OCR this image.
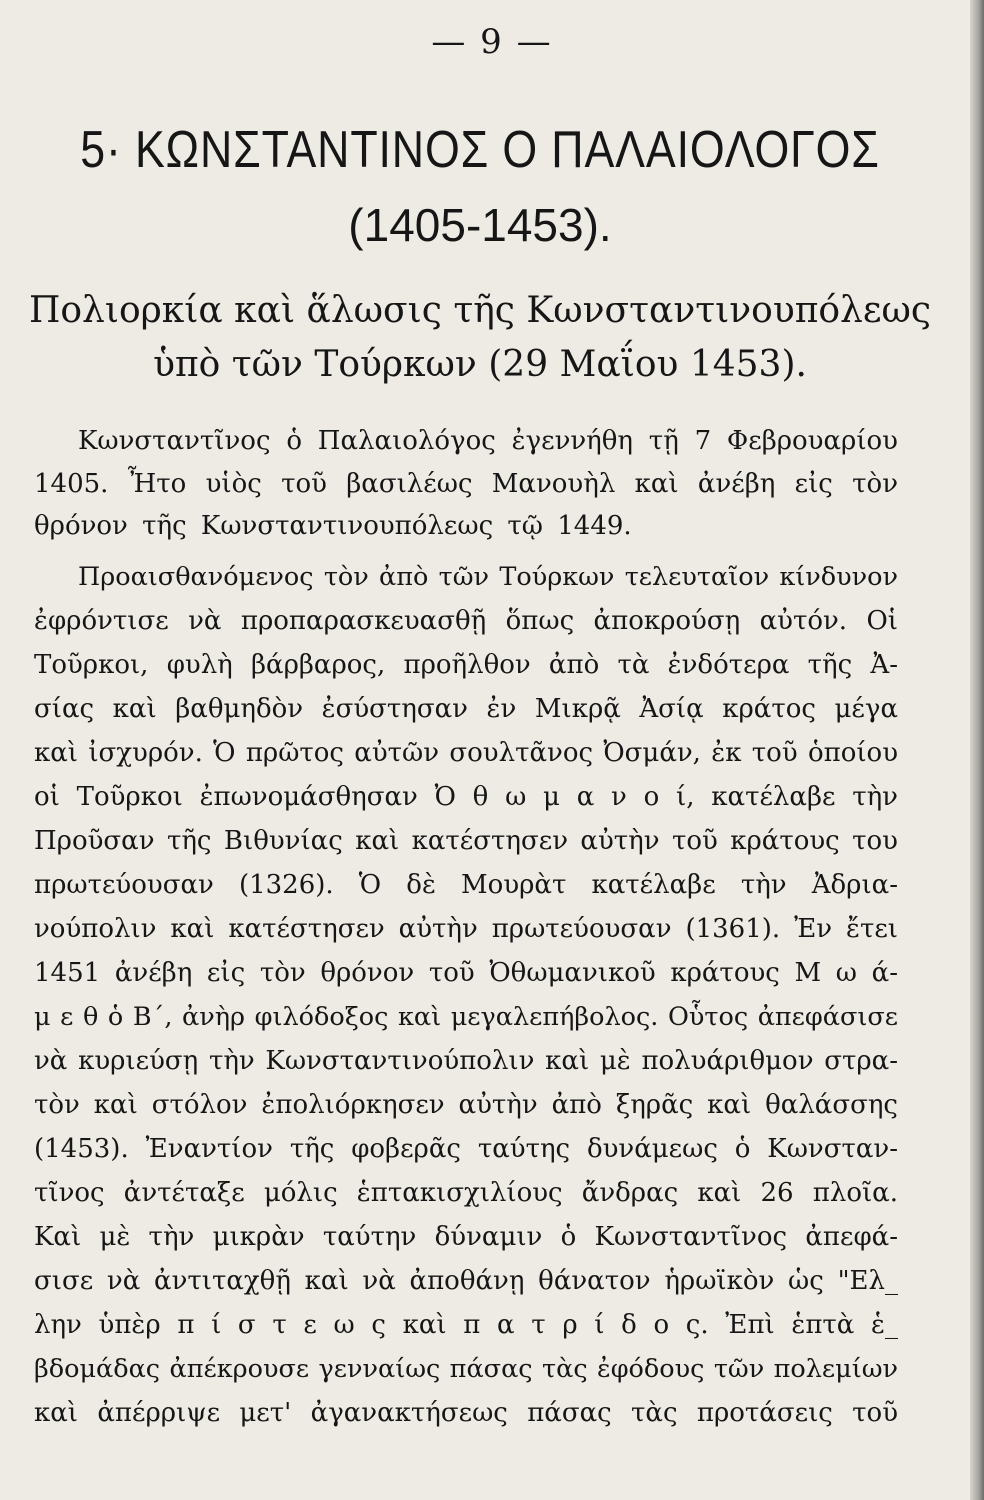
— 9 —
5· ΚΩΝΣΤΑΝΤΙΝΟΣ Ο ΠΑΛΑΙΟΛΟΓΟΣ
(1405-1453).
Πολιορκία καὶ ἅλωσις τῆς Κωνσταντινουπόλεως
ὑπὸ τῶν Τούρκων (29 Μαΐου 1453).
Κωνσταντῖνος ὁ Παλαιολόγος ἐγεννήθη τῇ 7 Φεβρουαρίου
1405. Ἦτο υἱὸς τοῦ βασιλέως Μανουὴλ καὶ ἀνέβη εἰς τὸν
θρόνον τῆς Κωνσταντινουπόλεως τῷ 1449.
Προαισθανόμενος τὸν ἀπὸ τῶν Τούρκων τελευταῖον κίνδυνον
ἐφρόντισε νὰ προπαρασκευασθῇ ὅπως ἀποκρούσῃ αὐτόν. Οἱ
Τοῦρκοι, φυλὴ βάρβαρος, προῆλθον ἀπὸ τὰ ἐνδότερα τῆς Ἀ-
σίας καὶ βαθμηδὸν ἐσύστησαν ἐν Μικρᾷ Ἀσίᾳ κράτος μέγα
καὶ ἰσχυρόν. Ὁ πρῶτος αὐτῶν σουλτᾶνος Ὀσμάν, ἐκ τοῦ ὁποίου
οἱ Τοῦρκοι ἐπωνομάσθησαν Ὀ θ ω μ α ν ο ί, κατέλαβε τὴν
Προῦσαν τῆς Βιθυνίας καὶ κατέστησεν αὐτὴν τοῦ κράτους του
πρωτεύουσαν (1326). Ὁ δὲ Μουρὰτ κατέλαβε τὴν Ἀδρια-
νούπολιν καὶ κατέστησεν αὐτὴν πρωτεύουσαν (1361). Ἐν ἔτει
1451 ἀνέβη εἰς τὸν θρόνον τοῦ Ὀθωμανικοῦ κράτους Μ ω ά-
μ ε θ ὁ Β΄, ἀνὴρ φιλόδοξος καὶ μεγαλεπήβολος. Οὗτος ἀπεφάσισε
νὰ κυριεύσῃ τὴν Κωνσταντινούπολιν καὶ μὲ πολυάριθμον στρα-
τὸν καὶ στόλον ἐπολιόρκησεν αὐτὴν ἀπὸ ξηρᾶς καὶ θαλάσσης
(1453). Ἐναντίον τῆς φοβερᾶς ταύτης δυνάμεως ὁ Κωνσταν-
τῖνος ἀντέταξε μόλις ἑπτακισχιλίους ἄνδρας καὶ 26 πλοῖα.
Καὶ μὲ τὴν μικρὰν ταύτην δύναμιν ὁ Κωνσταντῖνος ἀπεφά-
σισε νὰ ἀντιταχθῇ καὶ νὰ ἀποθάνῃ θάνατον ἡρωϊκὸν ὡς "Ελ_
λην ὑπὲρ π ί σ τ ε ω ς καὶ π α τ ρ ί δ ο ς. Ἐπὶ ἑπτὰ ἑ_
βδομάδας ἀπέκρουσε γενναίως πάσας τὰς ἐφόδους τῶν πολεμίων
καὶ ἀπέρριψε μετ' ἀγανακτήσεως πάσας τὰς προτάσεις τοῦ
